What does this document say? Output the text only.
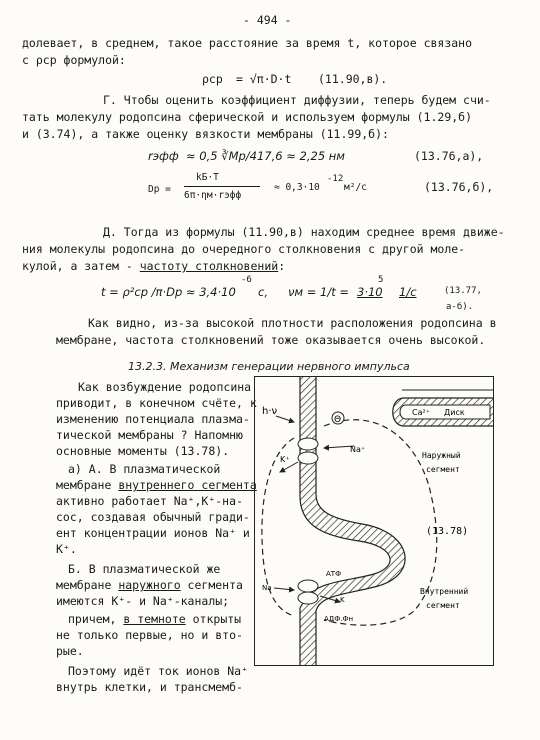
- 494 -
долевает, в среднем, такое расстояние за время t, которое связано
с ρср формулой:
ρср = √π·D·t (11.90,в).
Г. Чтобы оценить коэффициент диффузии, теперь будем счи-
тать молекулу родопсина сферической и используем формулы (1.29,б)
и (3.74), а также оценку вязкости мембраны (11.99,б):
rэфф ≈ 0,5 ∛Mр/417,6 ≈ 2,25 нм	(13.76,а),
Dр =
kБ·T
6π·ηм·rэфф
≈ 0,3·10
-12
м²/с	(13.76,б),
Д. Тогда из формулы (11.90,в) находим среднее время движе-
ния молекулы родопсина до очередного столкновения с другой моле-
кулой, а затем - частоту столкновений:
t = ρ²ср /π·Dр ≈ 3,4·10
-6
с, νм = 1/t = 3·10
5
1/с	(13.77,
а-б).
Как видно, из-за высокой плотности расположения родопсина в
мембране, частота столкновений тоже оказывается очень высокой.
13.2.3. Механизм генерации нервного импульса
Как возбуждение родопсина
приводит, в конечном счёте, к
изменению потенциала плазма-
тической мембраны ? Напомню
основные моменты (13.78).
а) А. В плазматической
мембране внутреннего сегмента
активно работает Na⁺,K⁺-на-
сос, создавая обычный гради-
ент концентрации ионов Na⁺ и
K⁺.
Б. В плазматической же
мембране наружного сегмента
имеются K⁺- и Na⁺-каналы;
причем, в темноте открыты
не только первые, но и вто-
рые.
Поэтому идёт ток ионов Na⁺
внутрь клетки, и трансмемб-
Θ
h·ν	Ca²⁺ Диск
Na⁺
K⁺	Наружный
сегмент
(13.78)
АТФ
Na
K
АДФ.Фн
Внутренний
сегмент
